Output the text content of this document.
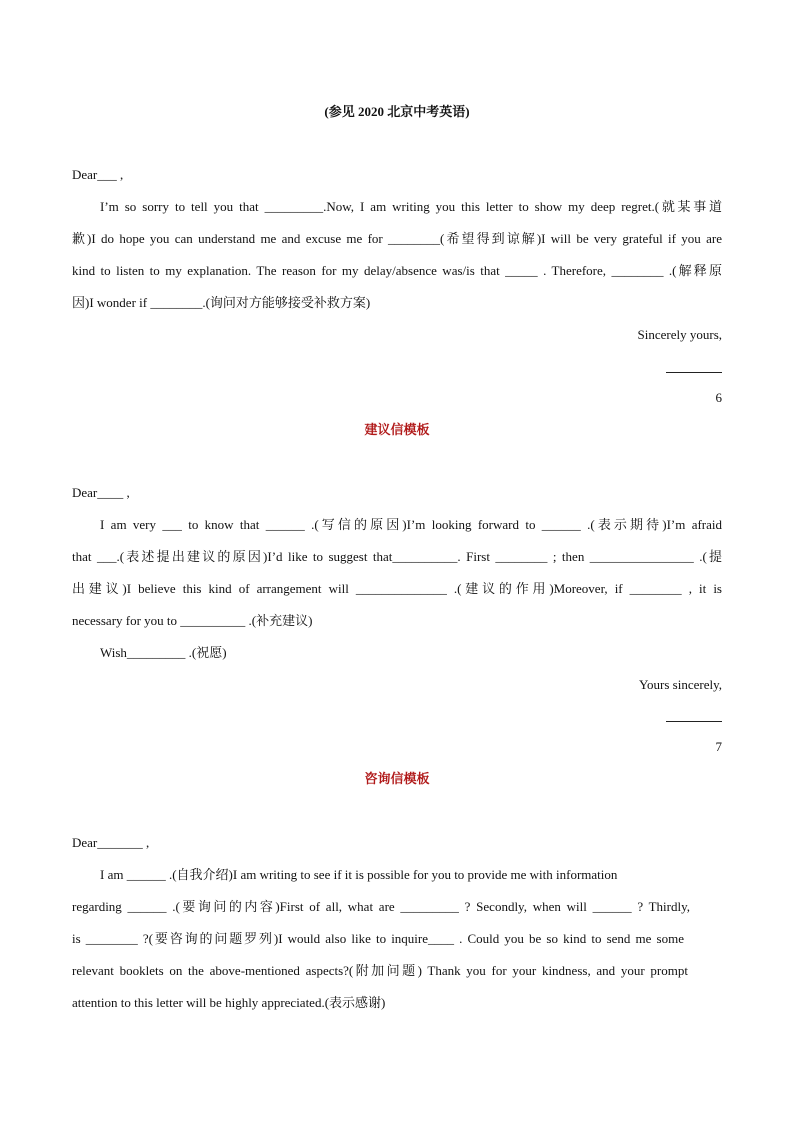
(参见 2020 北京中考英语)
Dear___ ,
I’m so sorry to tell you that _________.Now, I am writing you this letter to show my deep regret.(就某事道
歉)I do hope you can understand me and excuse me for ________(希望得到谅解)I will be very grateful if you are
kind to listen to my explanation. The reason for my delay/absence was/is that _____ . Therefore, ________ .(解释原
因)I wonder if ________.(询问对方能够接受补救方案)
Sincerely yours,
6
建议信模板
Dear____ ,
I am very ___ to know that ______ .(写信的原因)I’m looking forward to ______ .(表示期待)I’m afraid
that ___.(表述提出建议的原因)I’d like to suggest that__________. First ________ ; then ________________ .(提
出建议)I believe this kind of arrangement will ______________ .(建议的作用)Moreover, if ________ , it is
necessary for you to __________ .(补充建议)
Wish_________ .(祝愿)
Yours sincerely,
7
咨询信模板
Dear_______ ,
I am ______ .(自我介绍)I am writing to see if it is possible for you to provide me with information
regarding ______ .(要询问的内容)First of all, what are _________ ? Secondly, when will ______ ? Thirdly,
is ________ ?(要咨询的问题罗列)I would also like to inquire____ . Could you be so kind to send me some
relevant booklets on the above-mentioned aspects?(附加问题) Thank you for your kindness, and your prompt
attention to this letter will be highly appreciated.(表示感谢)
